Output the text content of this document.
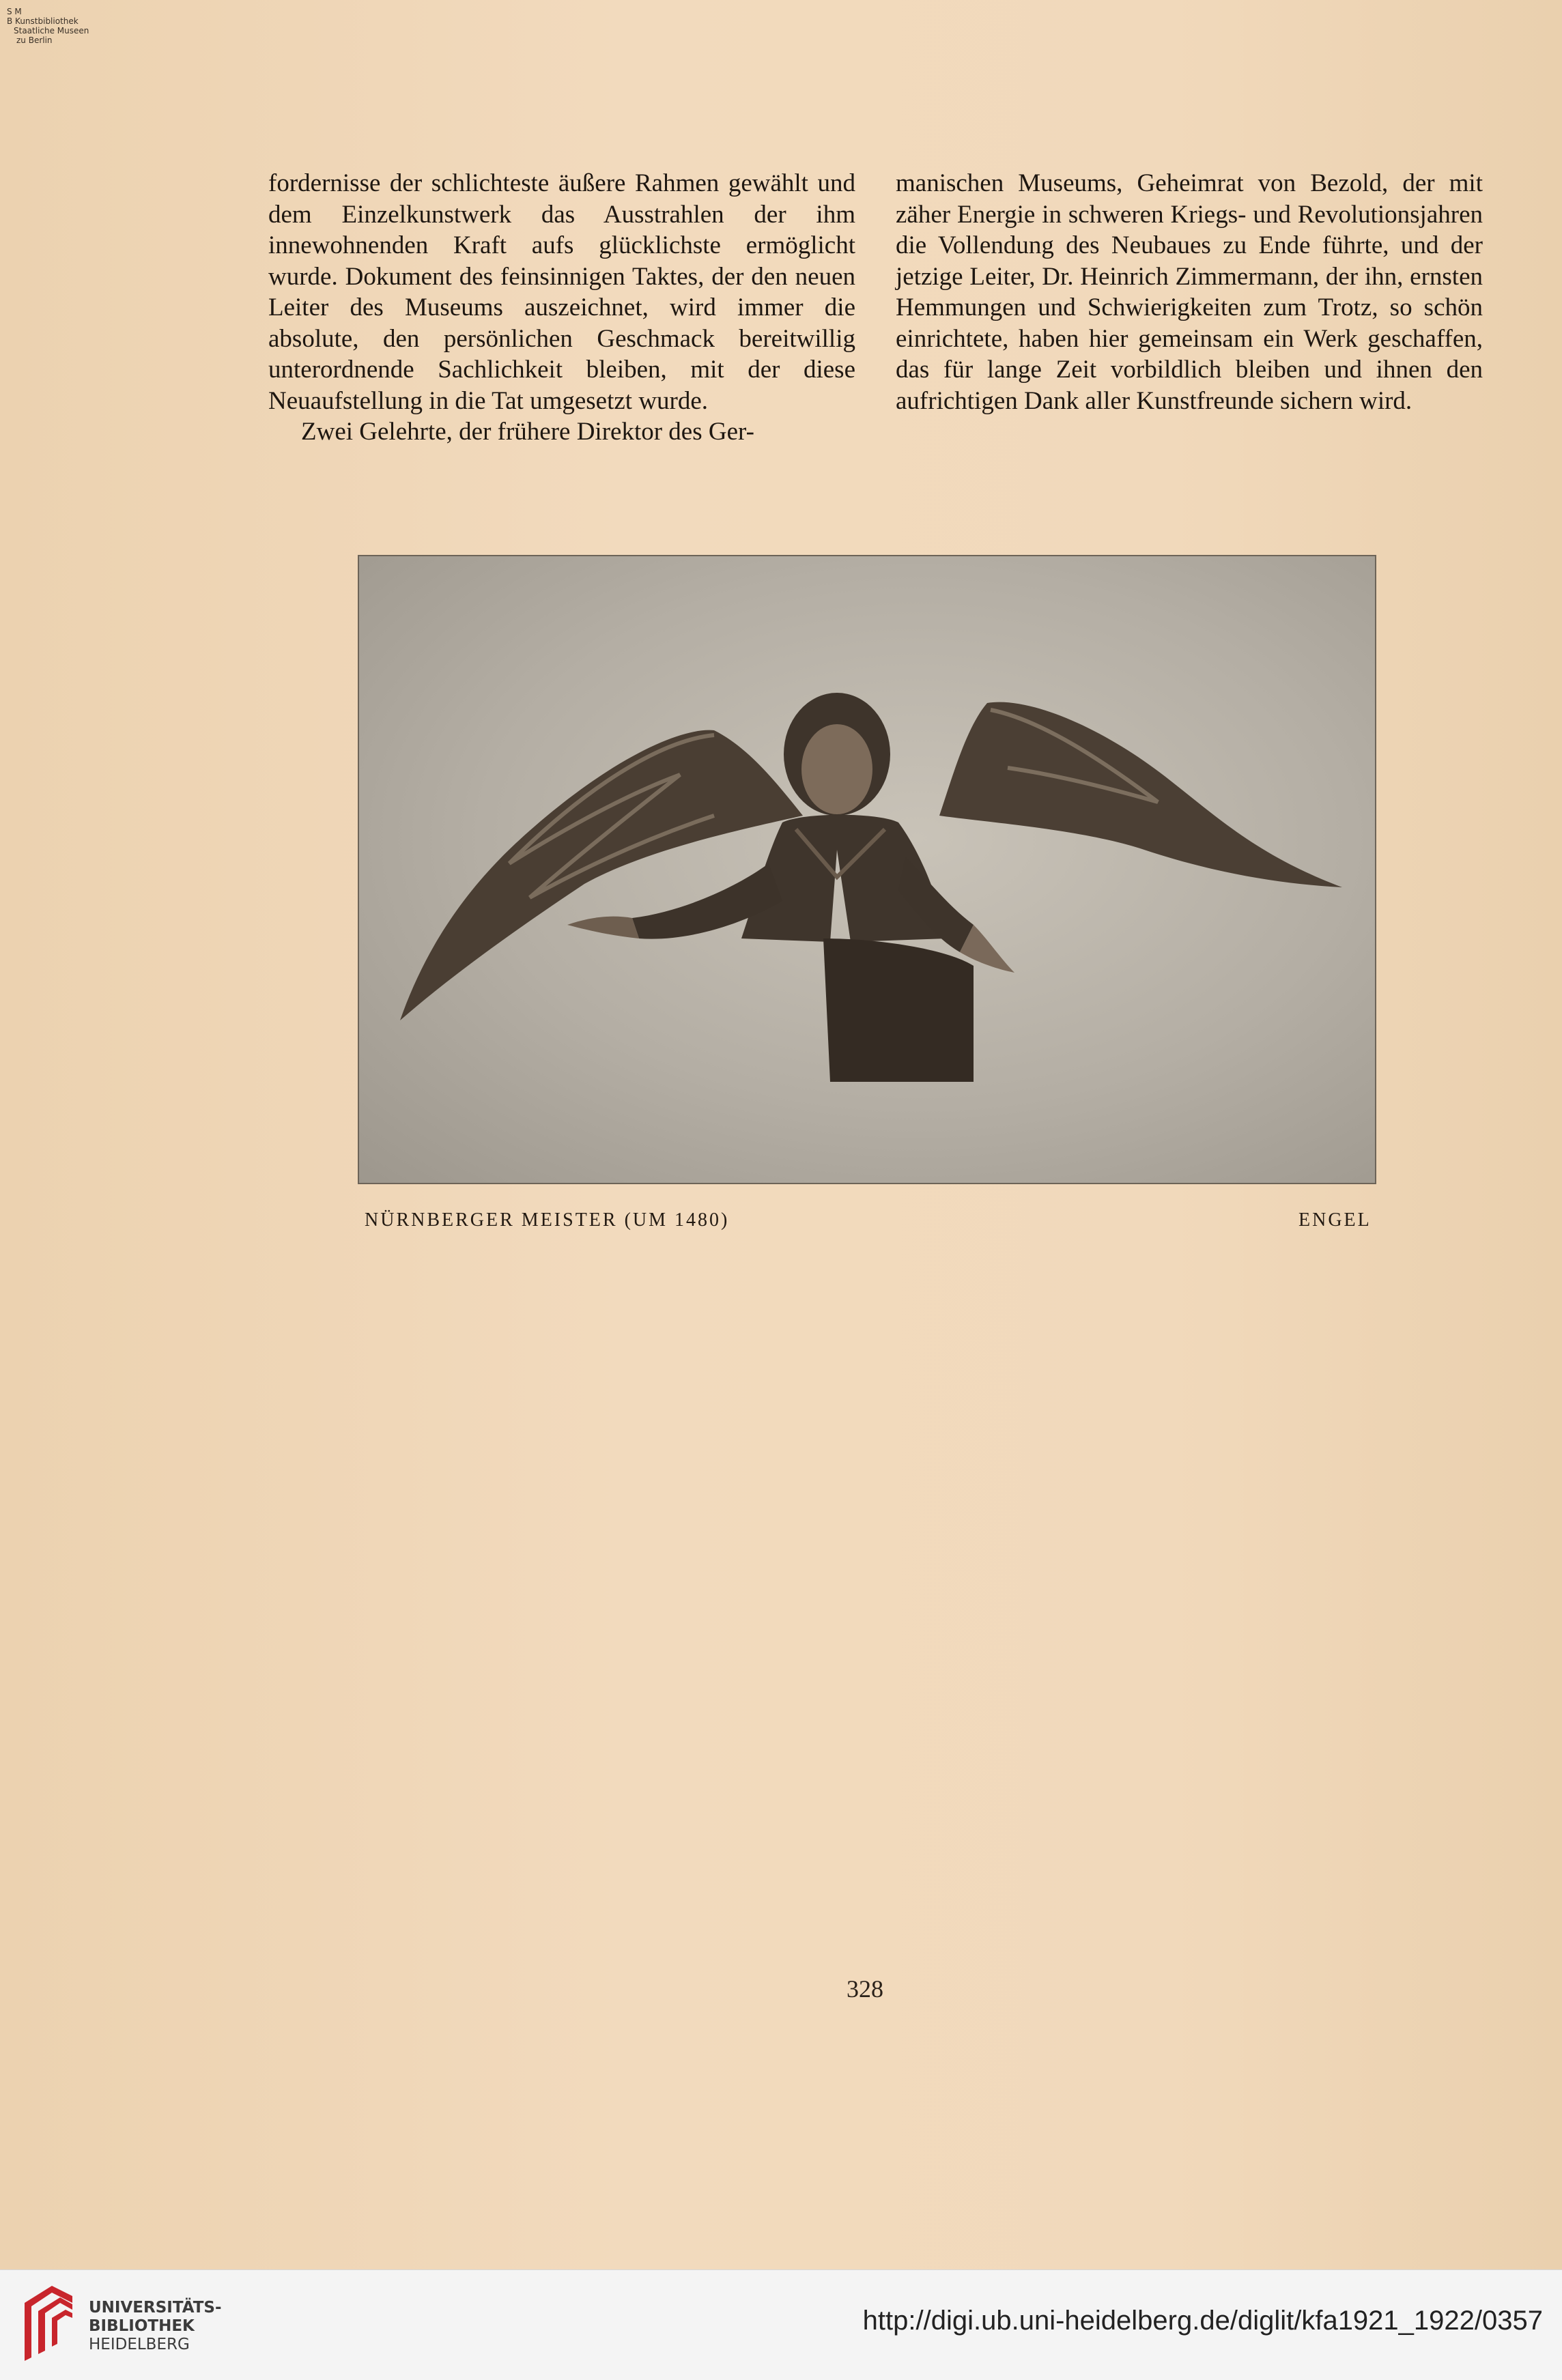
S M
B Kunstbibliothek
Staatliche Museen
zu Berlin

fordernisse der schlichteste äußere Rahmen gewählt und dem Einzelkunstwerk das Ausstrahlen der ihm innewohnenden Kraft aufs glücklichste ermöglicht wurde. Dokument des feinsinnigen Taktes, der den neuen Leiter des Museums auszeichnet, wird immer die absolute, den persönlichen Geschmack bereitwillig unterordnende Sachlichkeit bleiben, mit der diese Neuaufstellung in die Tat umgesetzt wurde.

Zwei Gelehrte, der frühere Direktor des Ger-

manischen Museums, Geheimrat von Bezold, der mit zäher Energie in schweren Kriegs- und Revolutionsjahren die Vollendung des Neubaues zu Ende führte, und der jetzige Leiter, Dr. Heinrich Zimmermann, der ihn, ernsten Hemmungen und Schwierigkeiten zum Trotz, so schön einrichtete, haben hier gemeinsam ein Werk geschaffen, das für lange Zeit vorbildlich bleiben und ihnen den aufrichtigen Dank aller Kunstfreunde sichern wird.

NÜRNBERGER MEISTER (UM 1480)	ENGEL
328
UNIVERSITÄTS-
BIBLIOTHEK
HEIDELBERG
http://digi.ub.uni-heidelberg.de/diglit/kfa1921_1922/0357
